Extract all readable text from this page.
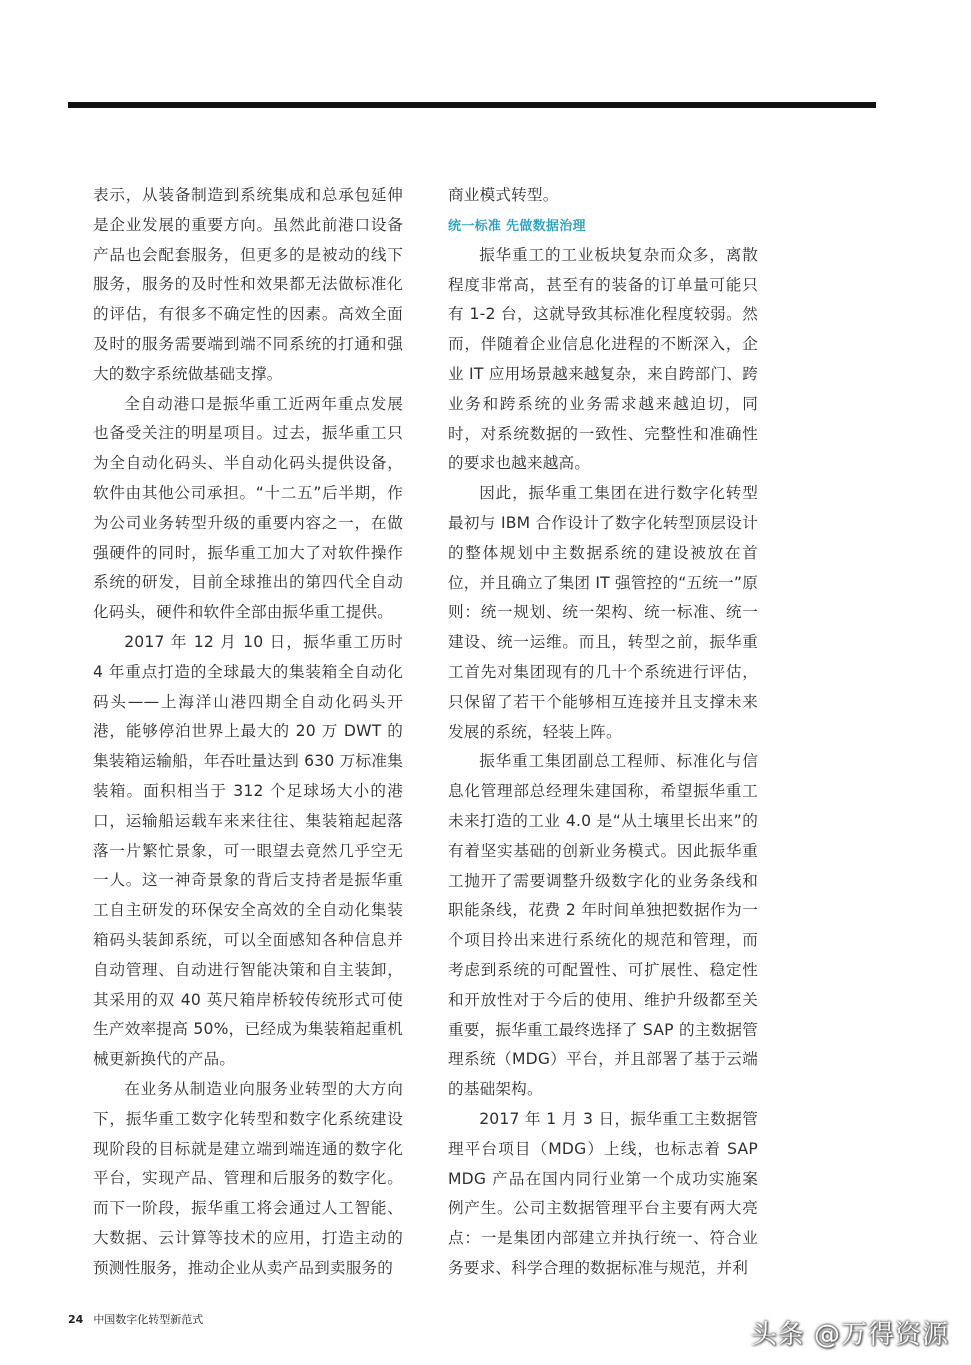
表示，从装备制造到系统集成和总承包延伸是企业发展的重要方向。虽然此前港口设备产品也会配套服务，但更多的是被动的线下服务，服务的及时性和效果都无法做标准化的评估，有很多不确定性的因素。高效全面及时的服务需要端到端不同系统的打通和强大的数字系统做基础支撑。

全自动港口是振华重工近两年重点发展也备受关注的明星项目。过去，振华重工只为全自动化码头、半自动化码头提供设备，软件由其他公司承担。“十二五”后半期，作为公司业务转型升级的重要内容之一，在做强硬件的同时，振华重工加大了对软件操作系统的研发，目前全球推出的第四代全自动化码头，硬件和软件全部由振华重工提供。

2017 年 12 月 10 日，振华重工历时 4 年重点打造的全球最大的集装箱全自动化码头——上海洋山港四期全自动化码头开港，能够停泊世界上最大的 20 万 DWT 的集装箱运输船，年吞吐量达到 630 万标准集装箱。面积相当于 312 个足球场大小的港口，运输船运载车来来往往、集装箱起起落落一片繁忙景象，可一眼望去竟然几乎空无一人。这一神奇景象的背后支持者是振华重工自主研发的环保安全高效的全自动化集装箱码头装卸系统，可以全面感知各种信息并自动管理、自动进行智能决策和自主装卸，其采用的双 40 英尺箱岸桥较传统形式可使生产效率提高 50%，已经成为集装箱起重机械更新换代的产品。

在业务从制造业向服务业转型的大方向下，振华重工数字化转型和数字化系统建设现阶段的目标就是建立端到端连通的数字化平台，实现产品、管理和后服务的数字化。而下一阶段，振华重工将会通过人工智能、大数据、云计算等技术的应用，打造主动的预测性服务，推动企业从卖产品到卖服务的

商业模式转型。

统一标准 先做数据治理

振华重工的工业板块复杂而众多，离散程度非常高，甚至有的装备的订单量可能只有 1-2 台，这就导致其标准化程度较弱。然而，伴随着企业信息化进程的不断深入，企业 IT 应用场景越来越复杂，来自跨部门、跨业务和跨系统的业务需求越来越迫切，同时，对系统数据的一致性、完整性和准确性的要求也越来越高。

因此，振华重工集团在进行数字化转型最初与 IBM 合作设计了数字化转型顶层设计的整体规划中主数据系统的建设被放在首位，并且确立了集团 IT 强管控的“五统一”原则：统一规划、统一架构、统一标准、统一建设、统一运维。而且，转型之前，振华重工首先对集团现有的几十个系统进行评估，只保留了若干个能够相互连接并且支撑未来发展的系统，轻装上阵。

振华重工集团副总工程师、标准化与信息化管理部总经理朱建国称，希望振华重工未来打造的工业 4.0 是“从土壤里长出来”的有着坚实基础的创新业务模式。因此振华重工抛开了需要调整升级数字化的业务条线和职能条线，花费 2 年时间单独把数据作为一个项目拎出来进行系统化的规范和管理，而考虑到系统的可配置性、可扩展性、稳定性和开放性对于今后的使用、维护升级都至关重要，振华重工最终选择了 SAP 的主数据管理系统（MDG）平台，并且部署了基于云端的基础架构。

2017 年 1 月 3 日，振华重工主数据管理平台项目（MDG）上线，也标志着 SAP MDG 产品在国内同行业第一个成功实施案例产生。公司主数据管理平台主要有两大亮点：一是集团内部建立并执行统一、符合业务要求、科学合理的数据标准与规范，并利

24 中国数字化转型新范式
头条 @万得资源
